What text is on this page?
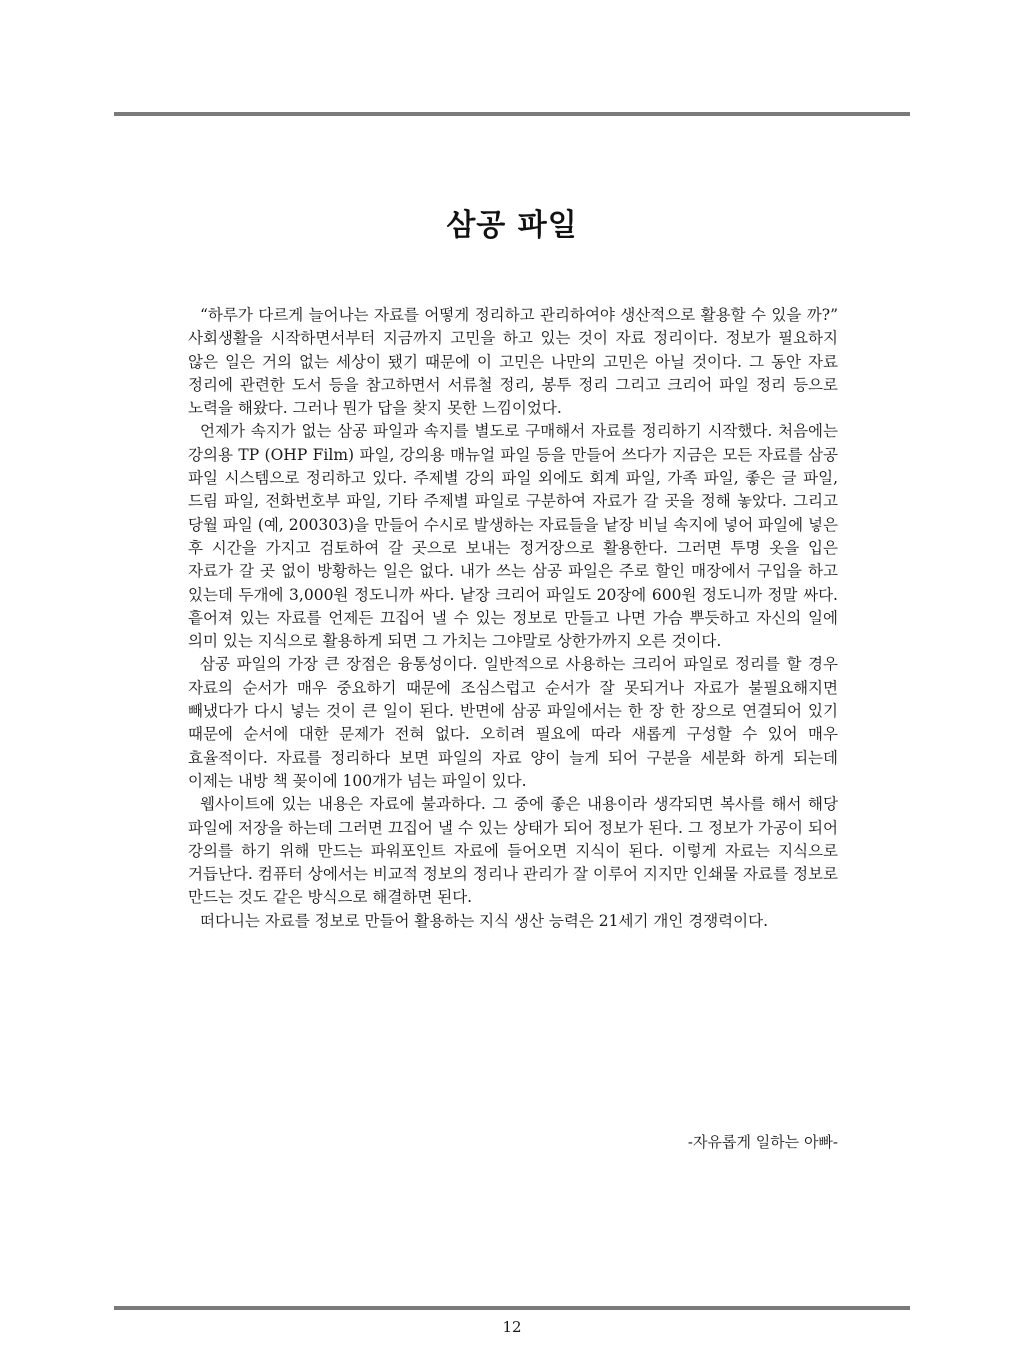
삼공 파일

“하루가 다르게 늘어나는 자료를 어떻게 정리하고 관리하여야 생산적으로 활용할 수 있을 까?” 사회생활을 시작하면서부터 지금까지 고민을 하고 있는 것이 자료 정리이다. 정보가 필요하지 않은 일은 거의 없는 세상이 됐기 때문에 이 고민은 나만의 고민은 아닐 것이다. 그 동안 자료 정리에 관련한 도서 등을 참고하면서 서류철 정리, 봉투 정리 그리고 크리어 파일 정리 등으로 노력을 해왔다. 그러나 뭔가 답을 찾지 못한 느낌이었다.

언제가 속지가 없는 삼공 파일과 속지를 별도로 구매해서 자료를 정리하기 시작했다. 처음에는 강의용 TP (OHP Film) 파일, 강의용 매뉴얼 파일 등을 만들어 쓰다가 지금은 모든 자료를 삼공 파일 시스템으로 정리하고 있다. 주제별 강의 파일 외에도 회계 파일, 가족 파일, 좋은 글 파일, 드림 파일, 전화번호부 파일, 기타 주제별 파일로 구분하여 자료가 갈 곳을 정해 놓았다. 그리고 당월 파일 (예, 200303)을 만들어 수시로 발생하는 자료들을 낱장 비닐 속지에 넣어 파일에 넣은 후 시간을 가지고 검토하여 갈 곳으로 보내는 정거장으로 활용한다. 그러면 투명 옷을 입은 자료가 갈 곳 없이 방황하는 일은 없다. 내가 쓰는 삼공 파일은 주로 할인 매장에서 구입을 하고 있는데 두개에 3,000원 정도니까 싸다. 낱장 크리어 파일도 20장에 600원 정도니까 정말 싸다. 흩어져 있는 자료를 언제든 끄집어 낼 수 있는 정보로 만들고 나면 가슴 뿌듯하고 자신의 일에 의미 있는 지식으로 활용하게 되면 그 가치는 그야말로 상한가까지 오른 것이다.

삼공 파일의 가장 큰 장점은 융통성이다. 일반적으로 사용하는 크리어 파일로 정리를 할 경우 자료의 순서가 매우 중요하기 때문에 조심스럽고 순서가 잘 못되거나 자료가 불필요해지면 빼냈다가 다시 넣는 것이 큰 일이 된다. 반면에 삼공 파일에서는 한 장 한 장으로 연결되어 있기 때문에 순서에 대한 문제가 전혀 없다. 오히려 필요에 따라 새롭게 구성할 수 있어 매우 효율적이다. 자료를 정리하다 보면 파일의 자료 양이 늘게 되어 구분을 세분화 하게 되는데 이제는 내방 책 꽂이에 100개가 넘는 파일이 있다.

웹사이트에 있는 내용은 자료에 불과하다. 그 중에 좋은 내용이라 생각되면 복사를 해서 해당 파일에 저장을 하는데 그러면 끄집어 낼 수 있는 상태가 되어 정보가 된다. 그 정보가 가공이 되어 강의를 하기 위해 만드는 파워포인트 자료에 들어오면 지식이 된다. 이렇게 자료는 지식으로 거듭난다. 컴퓨터 상에서는 비교적 정보의 정리나 관리가 잘 이루어 지지만 인쇄물 자료를 정보로 만드는 것도 같은 방식으로 해결하면 된다.

떠다니는 자료를 정보로 만들어 활용하는 지식 생산 능력은 21세기 개인 경쟁력이다.

-자유롭게 일하는 아빠-

12
